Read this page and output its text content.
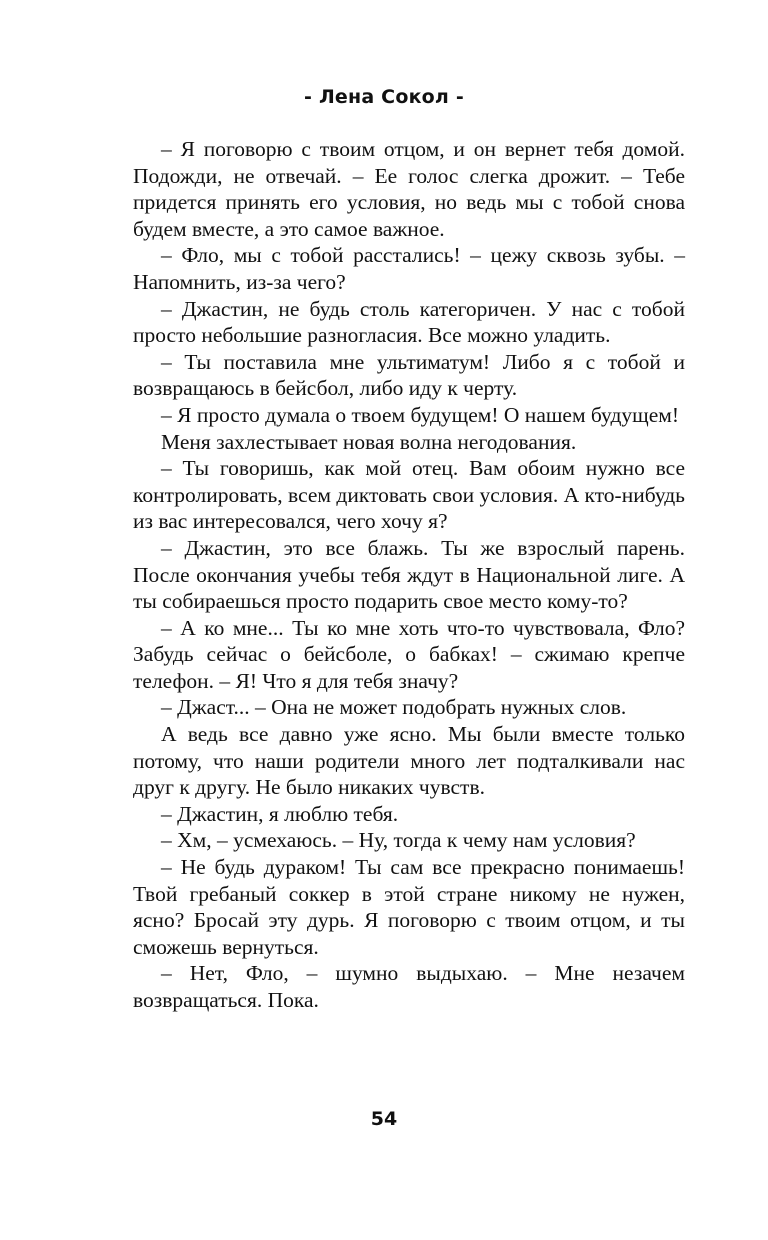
- Лена Сокол -

– Я поговорю с твоим отцом, и он вернет тебя домой. Подожди, не отвечай. – Ее голос слегка дрожит. – Тебе придется принять его условия, но ведь мы с тобой снова будем вместе, а это самое важное.

– Фло, мы с тобой расстались! – цежу сквозь зубы. – Напомнить, из-за чего?

– Джастин, не будь столь категоричен. У нас с тобой просто небольшие разногласия. Все можно уладить.

– Ты поставила мне ультиматум! Либо я с тобой и возвращаюсь в бейсбол, либо иду к черту.

– Я просто думала о твоем будущем! О нашем будущем!

Меня захлестывает новая волна негодования.

– Ты говоришь, как мой отец. Вам обоим нужно все контролировать, всем диктовать свои условия. А кто-нибудь из вас интересовался, чего хочу я?

– Джастин, это все блажь. Ты же взрослый парень. После окончания учебы тебя ждут в Национальной лиге. А ты собираешься просто подарить свое место кому-то?

– А ко мне... Ты ко мне хоть что-то чувствовала, Фло? Забудь сейчас о бейсболе, о бабках! – сжимаю крепче телефон. – Я! Что я для тебя значу?

– Джаст... – Она не может подобрать нужных слов.

А ведь все давно уже ясно. Мы были вместе только потому, что наши родители много лет подталкивали нас друг к другу. Не было никаких чувств.

– Джастин, я люблю тебя.

– Хм, – усмехаюсь. – Ну, тогда к чему нам условия?

– Не будь дураком! Ты сам все прекрасно понимаешь! Твой гребаный соккер в этой стране никому не нужен, ясно? Бросай эту дурь. Я поговорю с твоим отцом, и ты сможешь вернуться.

– Нет, Фло, – шумно выдыхаю. – Мне незачем возвращаться. Пока.

54
